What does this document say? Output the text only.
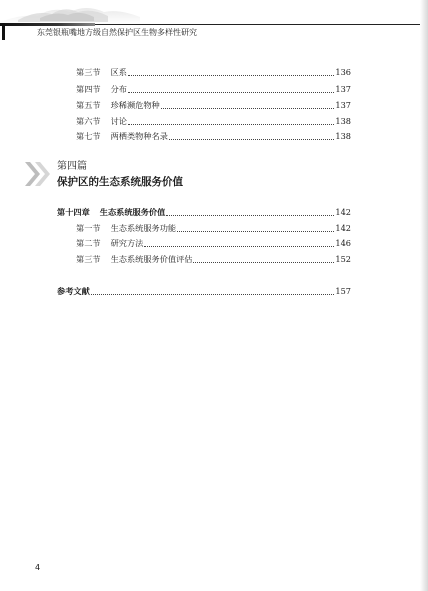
东莞银瓶嘴地方级自然保护区生物多样性研究
第三节 区系	136
第四节 分布	137
第五节 珍稀濒危物种	137
第六节 讨论	138
第七节 两栖类物种名录	138
第四篇
保护区的生态系统服务价值
第十四章 生态系统服务价值	142
第一节 生态系统服务功能	142
第二节 研究方法	146
第三节 生态系统服务价值评估	152
参考文献	157
4
